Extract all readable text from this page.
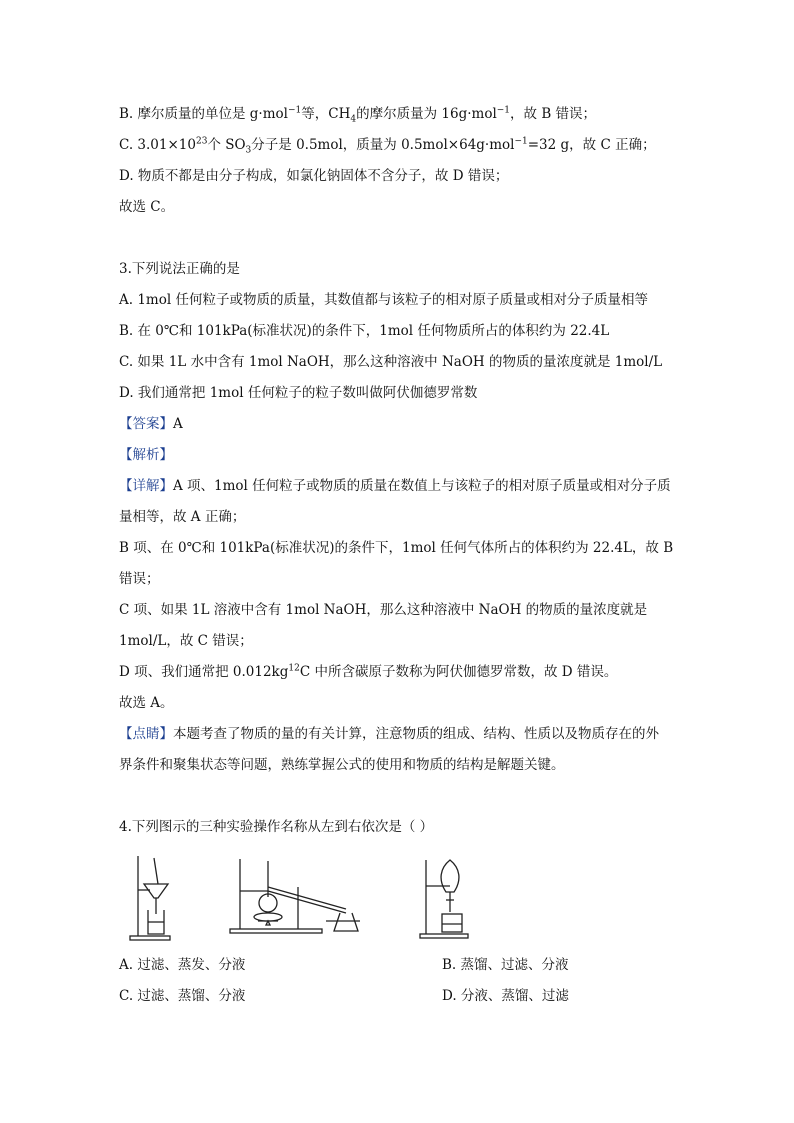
B. 摩尔质量的单位是 g·mol$^{-1}$等，$CH_4$的摩尔质量为 16g·mol$^{-1}$，故 B 错误；
C. $3.01\times 10^{23}$个 $SO_3$分子是 0.5mol，质量为 0.5mol×64g·mol$^{-1}$=32 g，故 C 正确；
D. 物质不都是由分子构成，如氯化钠固体不含分子，故 D 错误；
故选 C。
3.下列说法正确的是
A. 1mol 任何粒子或物质的质量，其数值都与该粒子的相对原子质量或相对分子质量相等
B. 在 0℃和 101kPa(标准状况)的条件下，1mol 任何物质所占的体积约为 22.4L
C. 如果 1L 水中含有 1mol NaOH，那么这种溶液中 NaOH 的物质的量浓度就是 1mol/L
D. 我们通常把 1mol 任何粒子的粒子数叫做阿伏伽德罗常数
【答案】A
【解析】
【详解】A 项、1mol 任何粒子或物质的质量在数值上与该粒子的相对原子质量或相对分子质
量相等，故 A 正确；
B 项、在 0℃和 101kPa(标准状况)的条件下，1mol 任何气体所占的体积约为 22.4L，故 B
错误；
C 项、如果 1L 溶液中含有 1mol NaOH，那么这种溶液中 NaOH 的物质的量浓度就是
1mol/L，故 C 错误；
D 项、我们通常把 $0.012kg^{12}C$ 中所含碳原子数称为阿伏伽德罗常数，故 D 错误。
故选 A。
【点睛】本题考查了物质的量的有关计算，注意物质的组成、结构、性质以及物质存在的外
界条件和聚集状态等问题，熟练掌握公式的使用和物质的结构是解题关键。
4.下列图示的三种实验操作名称从左到右依次是（ ）
A. 过滤、蒸发、分液	B. 蒸馏、过滤、分液
C. 过滤、蒸馏、分液	D. 分液、蒸馏、过滤
